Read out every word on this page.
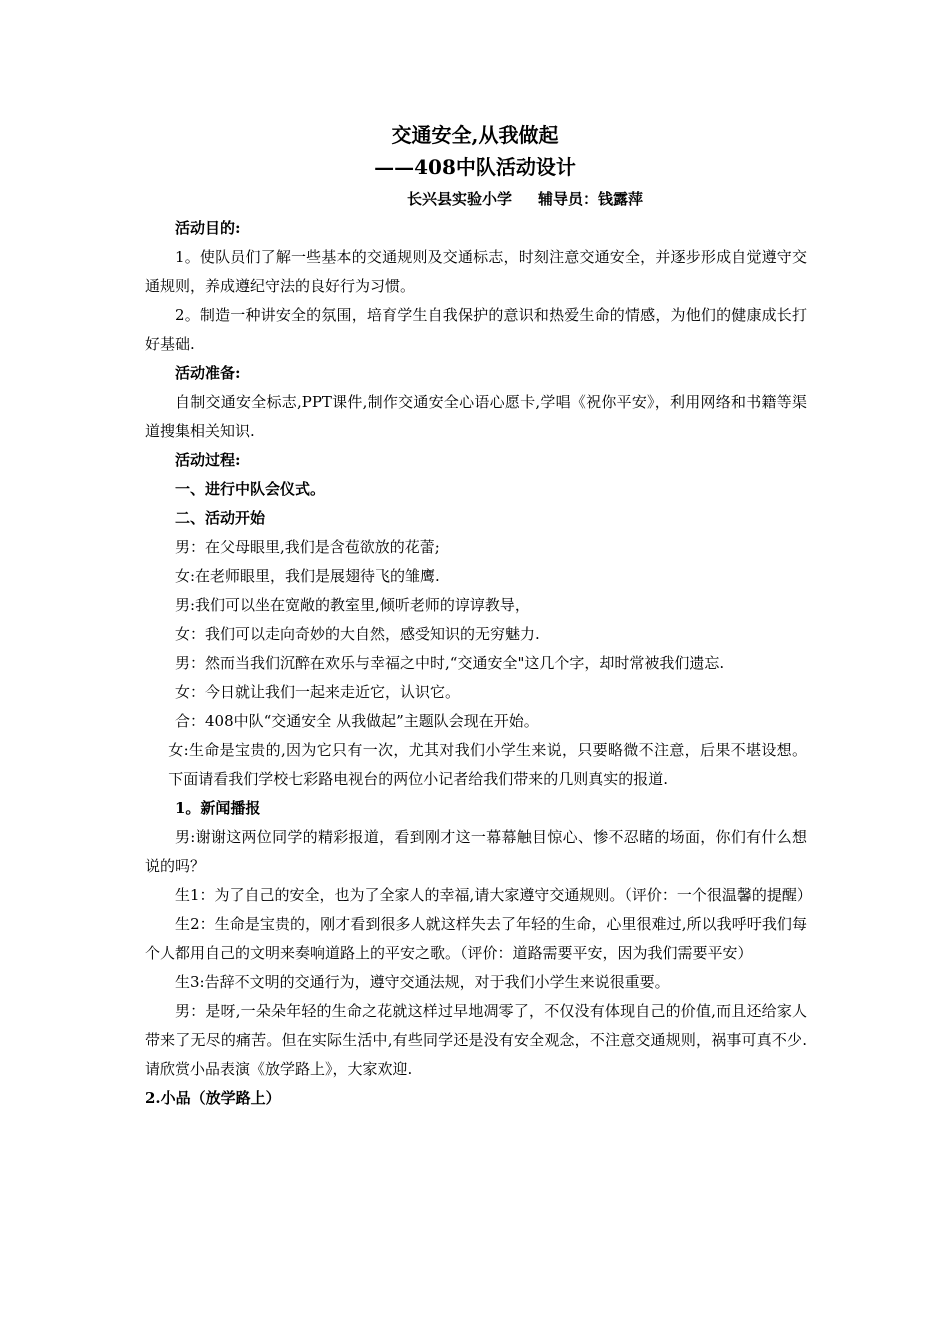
交通安全,从我做起
——408中队活动设计
长兴县实验小学     辅导员：钱露萍

活动目的:

1。使队员们了解一些基本的交通规则及交通标志，时刻注意交通安全，并逐步形成自觉遵守交通规则，养成遵纪守法的良好行为习惯。

2。制造一种讲安全的氛围，培育学生自我保护的意识和热爱生命的情感，为他们的健康成长打好基础.

活动准备:

自制交通安全标志,PPT课件,制作交通安全心语心愿卡,学唱《祝你平安》，利用网络和书籍等渠道搜集相关知识.

活动过程:

一、进行中队会仪式。

二、活动开始

男：在父母眼里,我们是含苞欲放的花蕾;

女:在老师眼里，我们是展翅待飞的雏鹰.

男:我们可以坐在宽敞的教室里,倾听老师的谆谆教导，

女：我们可以走向奇妙的大自然，感受知识的无穷魅力.

男：然而当我们沉醉在欢乐与幸福之中时,“交通安全"这几个字，却时常被我们遗忘.

女：今日就让我们一起来走近它，认识它。

合：408中队“交通安全 从我做起”主题队会现在开始。

女:生命是宝贵的,因为它只有一次，尤其对我们小学生来说，只要略微不注意，后果不堪设想。下面请看我们学校七彩路电视台的两位小记者给我们带来的几则真实的报道.

1。新闻播报

男:谢谢这两位同学的精彩报道，看到刚才这一幕幕触目惊心、惨不忍睹的场面，你们有什么想说的吗？

生1：为了自己的安全，也为了全家人的幸福,请大家遵守交通规则。（评价：一个很温馨的提醒）

生2：生命是宝贵的，刚才看到很多人就这样失去了年轻的生命，心里很难过,所以我呼吁我们每个人都用自己的文明来奏响道路上的平安之歌。（评价：道路需要平安，因为我们需要平安）

生3:告辞不文明的交通行为，遵守交通法规，对于我们小学生来说很重要。

男：是呀,一朵朵年轻的生命之花就这样过早地凋零了，不仅没有体现自己的价值,而且还给家人带来了无尽的痛苦。但在实际生活中,有些同学还是没有安全观念，不注意交通规则，祸事可真不少.请欣赏小品表演《放学路上》，大家欢迎.

2.小品（放学路上）
